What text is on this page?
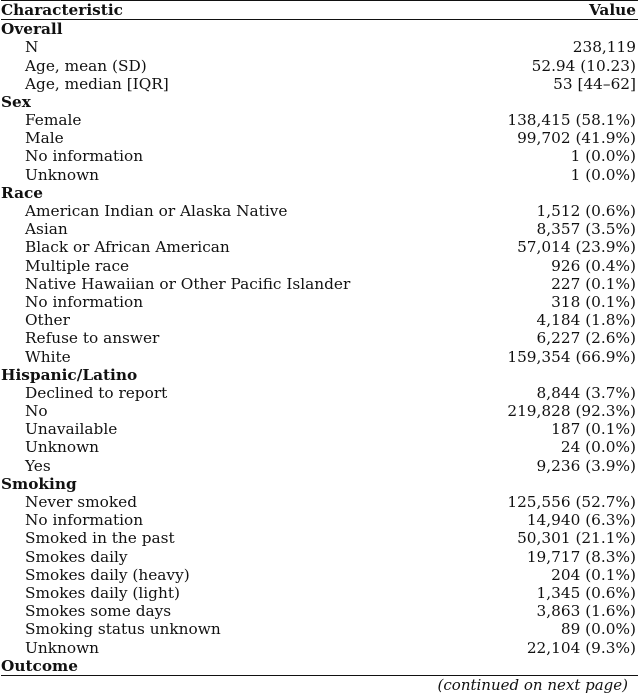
Characteristic	Value
Overall
N	238,119
Age, mean (SD)	52.94 (10.23)
Age, median [IQR]	53 [44–62]
Sex
Female	138,415 (58.1%)
Male	99,702 (41.9%)
No information	1 (0.0%)
Unknown	1 (0.0%)
Race
American Indian or Alaska Native	1,512 (0.6%)
Asian	8,357 (3.5%)
Black or African American	57,014 (23.9%)
Multiple race	926 (0.4%)
Native Hawaiian or Other Pacific Islander	227 (0.1%)
No information	318 (0.1%)
Other	4,184 (1.8%)
Refuse to answer	6,227 (2.6%)
White	159,354 (66.9%)
Hispanic/Latino
Declined to report	8,844 (3.7%)
No	219,828 (92.3%)
Unavailable	187 (0.1%)
Unknown	24 (0.0%)
Yes	9,236 (3.9%)
Smoking
Never smoked	125,556 (52.7%)
No information	14,940 (6.3%)
Smoked in the past	50,301 (21.1%)
Smokes daily	19,717 (8.3%)
Smokes daily (heavy)	204 (0.1%)
Smokes daily (light)	1,345 (0.6%)
Smokes some days	3,863 (1.6%)
Smoking status unknown	89 (0.0%)
Unknown	22,104 (9.3%)
Outcome
(continued on next page)
